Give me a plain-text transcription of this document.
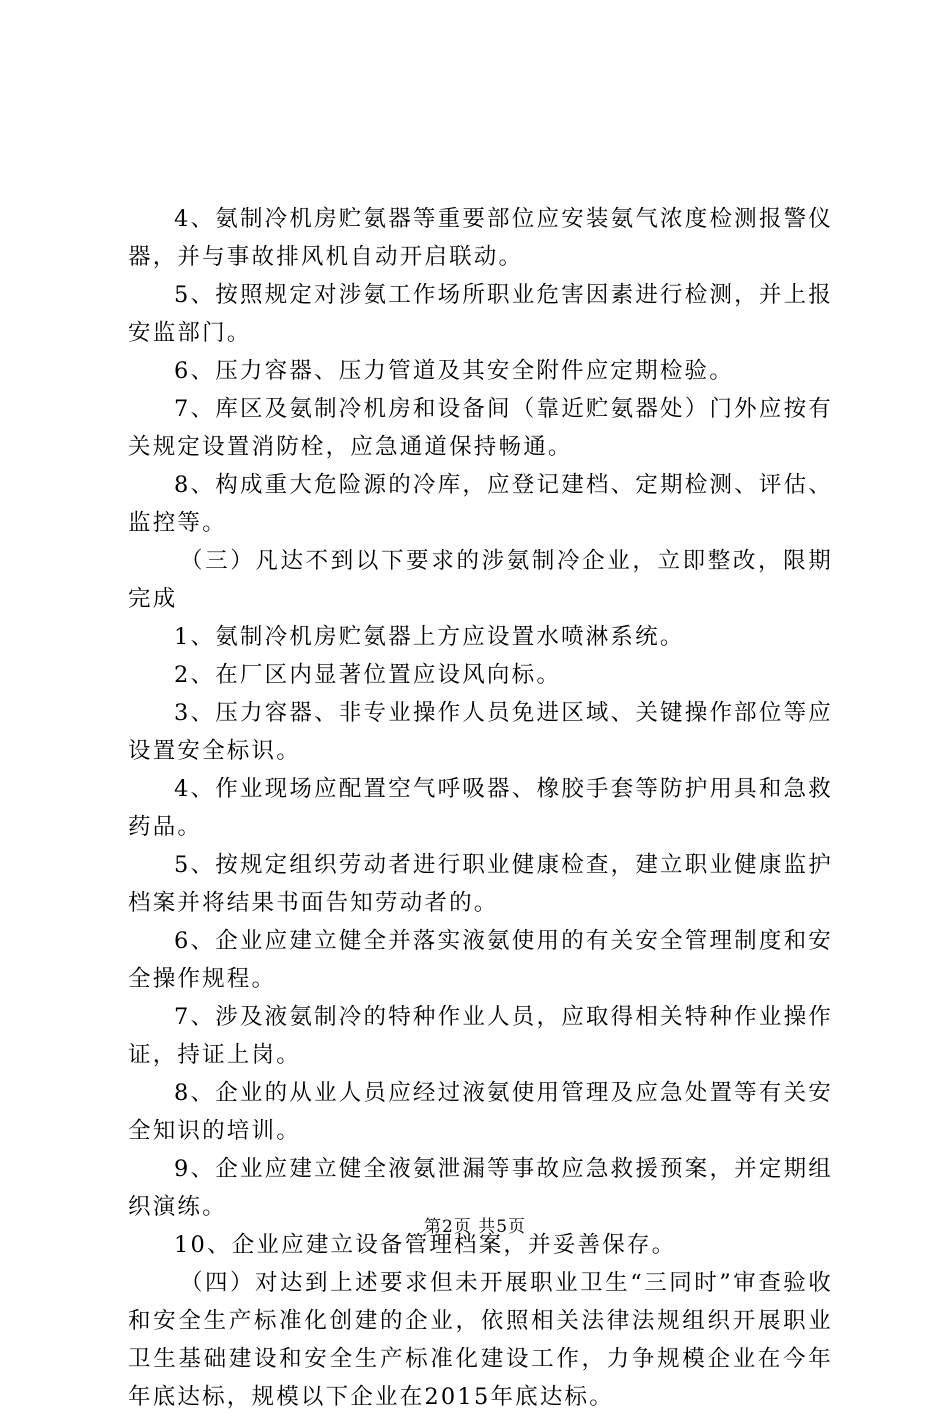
4、氨制冷机房贮氨器等重要部位应安装氨气浓度检测报警仪器，并与事故排风机自动开启联动。

5、按照规定对涉氨工作场所职业危害因素进行检测，并上报安监部门。

6、压力容器、压力管道及其安全附件应定期检验。

7、库区及氨制冷机房和设备间（靠近贮氨器处）门外应按有关规定设置消防栓，应急通道保持畅通。

8、构成重大危险源的冷库，应登记建档、定期检测、评估、监控等。

（三）凡达不到以下要求的涉氨制冷企业，立即整改，限期完成

1、氨制冷机房贮氨器上方应设置水喷淋系统。

2、在厂区内显著位置应设风向标。

3、压力容器、非专业操作人员免进区域、关键操作部位等应设置安全标识。

4、作业现场应配置空气呼吸器、橡胶手套等防护用具和急救药品。

5、按规定组织劳动者进行职业健康检查，建立职业健康监护档案并将结果书面告知劳动者的。

6、企业应建立健全并落实液氨使用的有关安全管理制度和安全操作规程。

7、涉及液氨制冷的特种作业人员，应取得相关特种作业操作证，持证上岗。

8、企业的从业人员应经过液氨使用管理及应急处置等有关安全知识的培训。

9、企业应建立健全液氨泄漏等事故应急救援预案，并定期组织演练。

10、企业应建立设备管理档案，并妥善保存。

（四）对达到上述要求但未开展职业卫生“三同时”审查验收和安全生产标准化创建的企业，依照相关法律法规组织开展职业卫生基础建设和安全生产标准化建设工作，力争规模企业在今年年底达标，规模以下企业在2015年底达标。

第2页 共5页
